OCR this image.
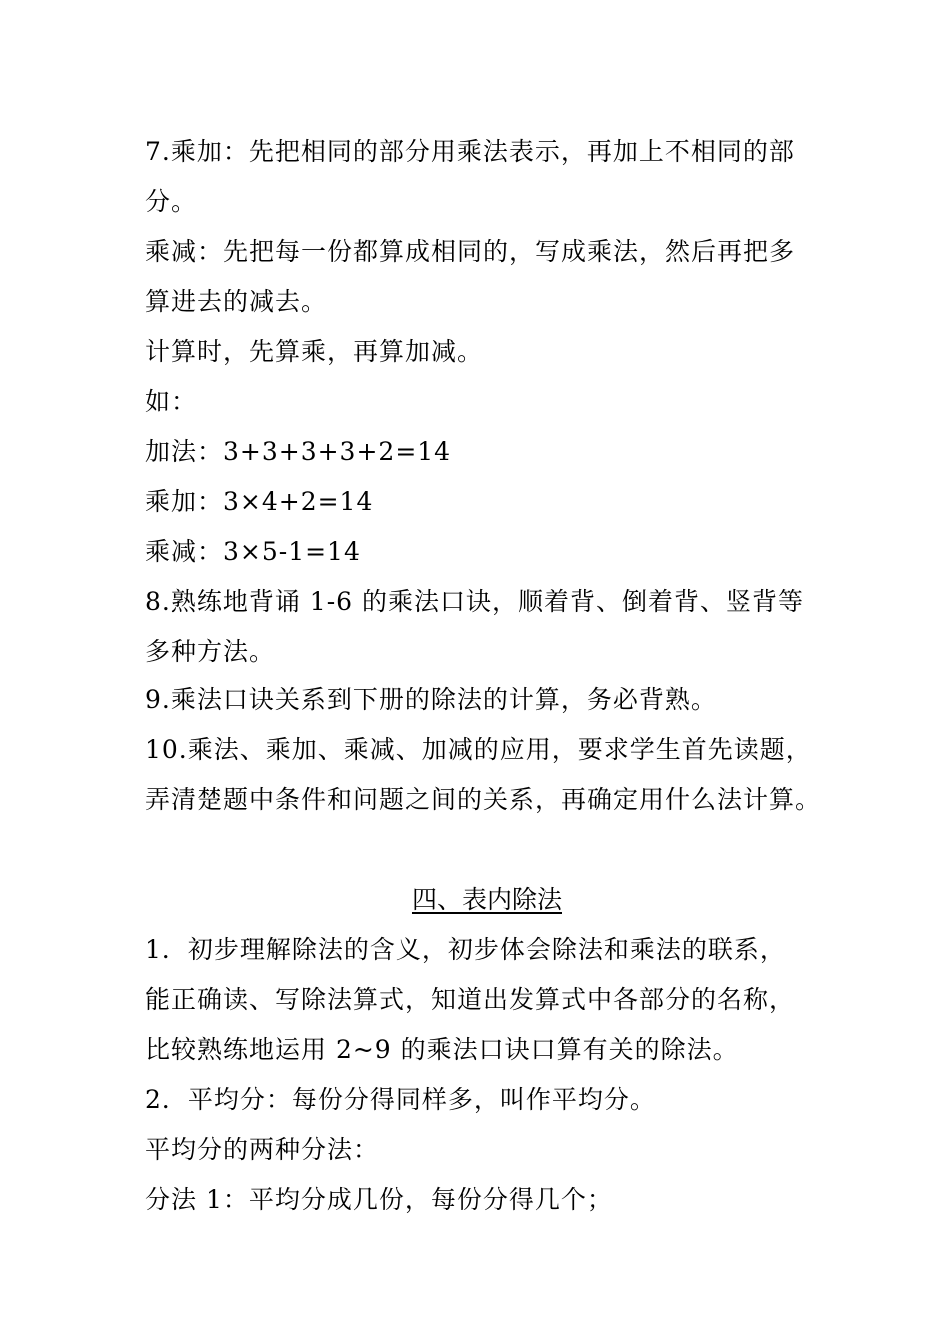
7.乘加：先把相同的部分用乘法表示，再加上不相同的部
分。
乘减：先把每一份都算成相同的，写成乘法，然后再把多
算进去的减去。
计算时，先算乘，再算加减。
如：
加法：3+3+3+3+2=14
乘加：3×4+2=14
乘减：3×5-1=14
8.熟练地背诵 1-6 的乘法口诀，顺着背、倒着背、竖背等
多种方法。
9.乘法口诀关系到下册的除法的计算，务必背熟。
10.乘法、乘加、乘减、加减的应用，要求学生首先读题，
弄清楚题中条件和问题之间的关系，再确定用什么法计算。
四、表内除法
1．初步理解除法的含义，初步体会除法和乘法的联系，
能正确读、写除法算式，知道出发算式中各部分的名称，
比较熟练地运用 2~9 的乘法口诀口算有关的除法。
2．平均分：每份分得同样多，叫作平均分。
平均分的两种分法：
分法 1：平均分成几份，每份分得几个；
